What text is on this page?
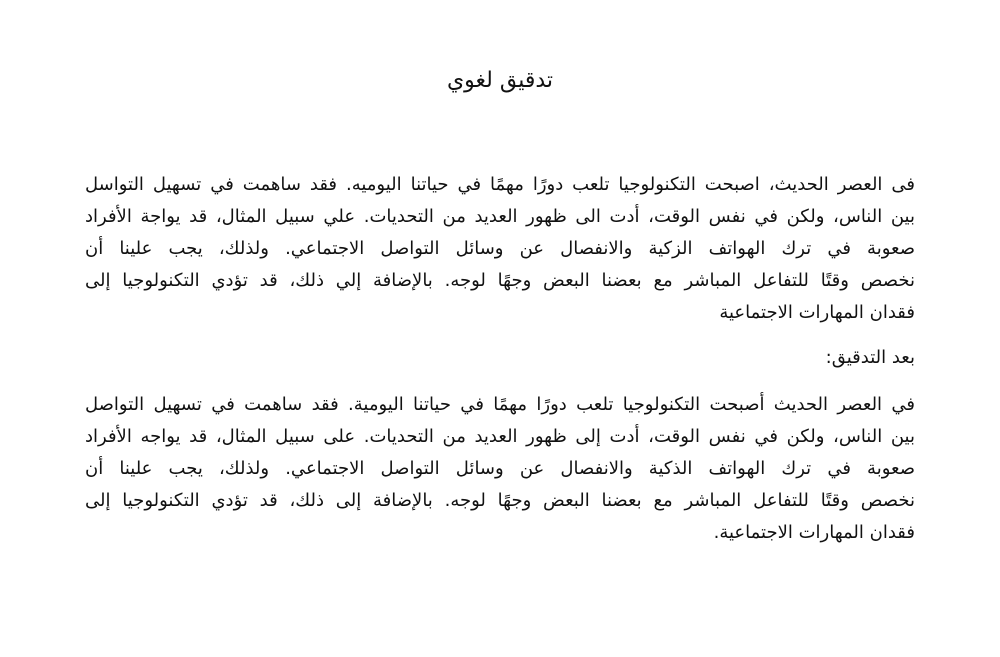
تدقيق لغوي
فى العصر الحديث، اصبحت التكنولوجيا تلعب دورًا مهمًا في حياتنا اليوميه. فقد ساهمت في تسهيل التواسل
بين الناس، ولكن في نفس الوقت، أدت الى ظهور العديد من التحديات. علي سبيل المثال، قد يواجة الأفراد
صعوبة في ترك الهواتف الزكية والانفصال عن وسائل التواصل الاجتماعي. ولذلك، يجب علينا أن
نخصص وقتًا للتفاعل المباشر مع بعضنا البعض وجهًا لوجه. بالإضافة إلي ذلك، قد تؤدي التكنولوجيا إلى
فقدان المهارات الاجتماعية
بعد التدقيق:
في العصر الحديث أصبحت التكنولوجيا تلعب دورًا مهمًا في حياتنا اليومية. فقد ساهمت في تسهيل التواصل
بين الناس، ولكن في نفس الوقت، أدت إلى ظهور العديد من التحديات. على سبيل المثال، قد يواجه الأفراد
صعوبة في ترك الهواتف الذكية والانفصال عن وسائل التواصل الاجتماعي. ولذلك، يجب علينا أن
نخصص وقتًا للتفاعل المباشر مع بعضنا البعض وجهًا لوجه. بالإضافة إلى ذلك، قد تؤدي التكنولوجيا إلى
فقدان المهارات الاجتماعية.
